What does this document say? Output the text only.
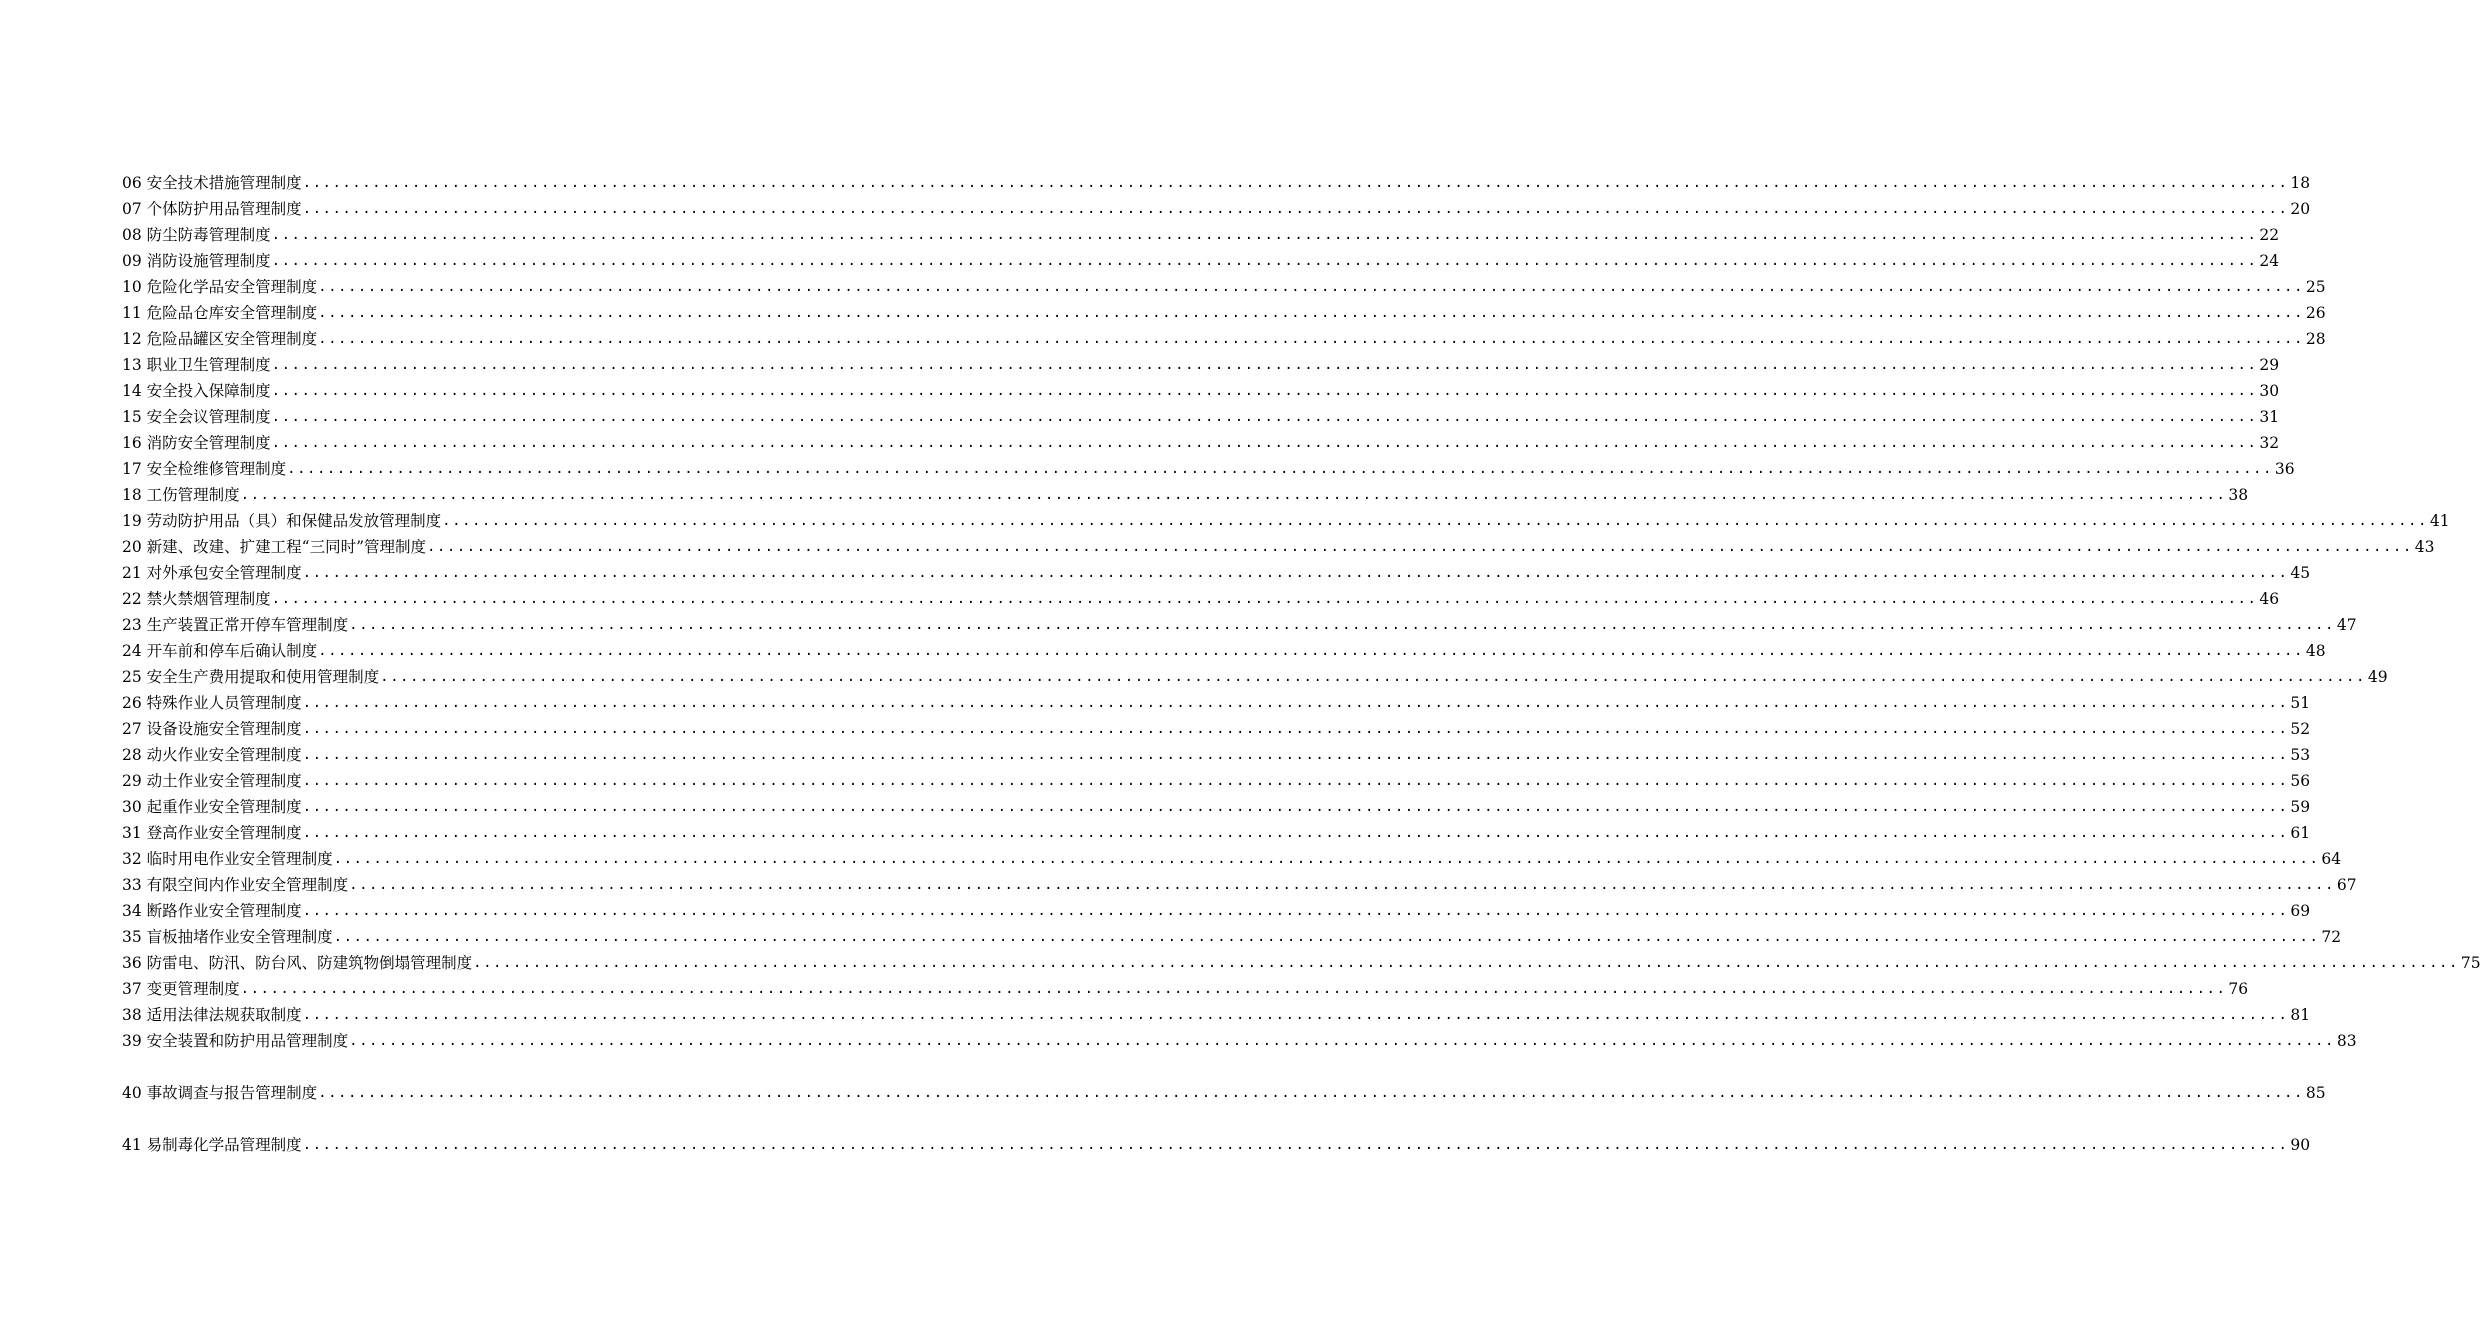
06 安全技术措施管理制度 ........................................................................................................................................................................................................ 18
07 个体防护用品管理制度 ........................................................................................................................................................................................................ 20
08 防尘防毒管理制度 ........................................................................................................................................................................................................ 22
09 消防设施管理制度 ........................................................................................................................................................................................................ 24
10 危险化学品安全管理制度 ........................................................................................................................................................................................................ 25
11 危险品仓库安全管理制度 ........................................................................................................................................................................................................ 26
12 危险品罐区安全管理制度 ........................................................................................................................................................................................................ 28
13 职业卫生管理制度 ........................................................................................................................................................................................................ 29
14 安全投入保障制度 ........................................................................................................................................................................................................ 30
15 安全会议管理制度 ........................................................................................................................................................................................................ 31
16 消防安全管理制度 ........................................................................................................................................................................................................ 32
17 安全检维修管理制度 ........................................................................................................................................................................................................ 36
18 工伤管理制度 ........................................................................................................................................................................................................ 38
19 劳动防护用品（具）和保健品发放管理制度 ........................................................................................................................................................................................................ 41
20 新建、改建、扩建工程“三同时”管理制度 ........................................................................................................................................................................................................ 43
21 对外承包安全管理制度 ........................................................................................................................................................................................................ 45
22 禁火禁烟管理制度 ........................................................................................................................................................................................................ 46
23 生产装置正常开停车管理制度 ........................................................................................................................................................................................................ 47
24 开车前和停车后确认制度 ........................................................................................................................................................................................................ 48
25 安全生产费用提取和使用管理制度 ........................................................................................................................................................................................................ 49
26 特殊作业人员管理制度 ........................................................................................................................................................................................................ 51
27 设备设施安全管理制度 ........................................................................................................................................................................................................ 52
28 动火作业安全管理制度 ........................................................................................................................................................................................................ 53
29 动土作业安全管理制度 ........................................................................................................................................................................................................ 56
30 起重作业安全管理制度 ........................................................................................................................................................................................................ 59
31 登高作业安全管理制度 ........................................................................................................................................................................................................ 61
32 临时用电作业安全管理制度 ........................................................................................................................................................................................................ 64
33 有限空间内作业安全管理制度 ........................................................................................................................................................................................................ 67
34 断路作业安全管理制度 ........................................................................................................................................................................................................ 69
35 盲板抽堵作业安全管理制度 ........................................................................................................................................................................................................ 72
36 防雷电、防汛、防台风、防建筑物倒塌管理制度 ........................................................................................................................................................................................................ 75
37 变更管理制度 ........................................................................................................................................................................................................ 76
38 适用法律法规获取制度 ........................................................................................................................................................................................................ 81
39 安全装置和防护用品管理制度 ........................................................................................................................................................................................................ 83
40 事故调查与报告管理制度 ........................................................................................................................................................................................................ 85
41 易制毒化学品管理制度 ........................................................................................................................................................................................................ 90
